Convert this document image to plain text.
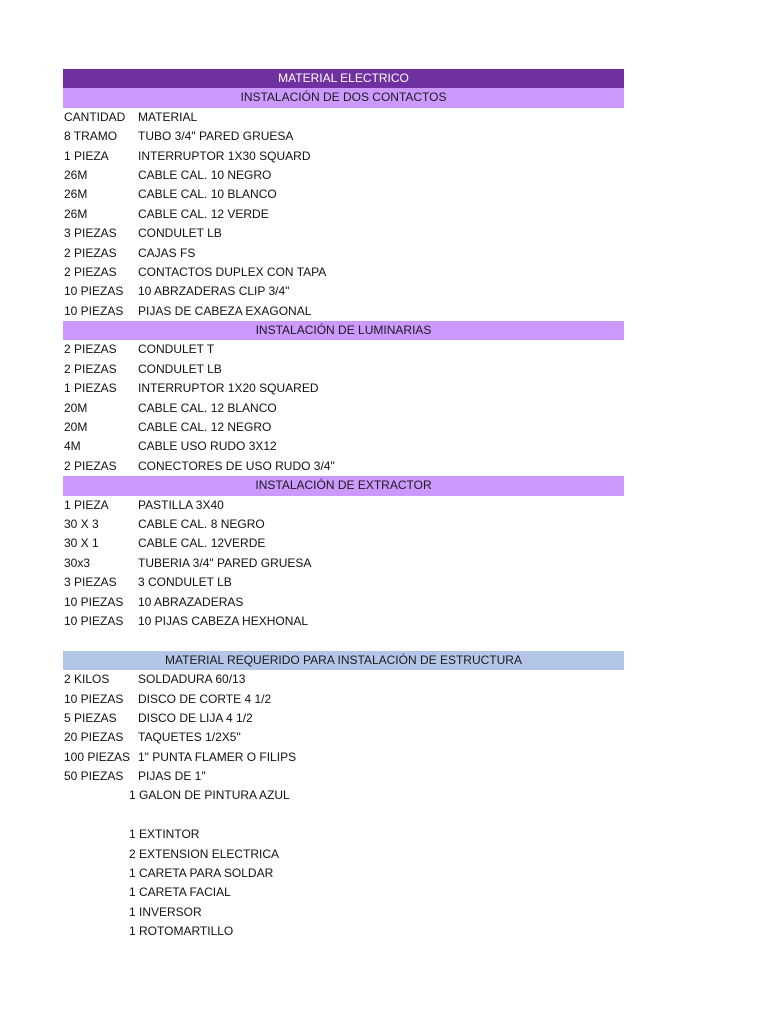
MATERIAL ELECTRICO
INSTALACIÓN DE DOS CONTACTOS
CANTIDAD MATERIAL
8 TRAMO TUBO 3/4" PARED GRUESA
1 PIEZA INTERRUPTOR 1X30 SQUARD
26M	CABLE CAL. 10 NEGRO
26M	CABLE CAL. 10 BLANCO
26M	CABLE CAL. 12 VERDE
3 PIEZAS CONDULET LB
2 PIEZAS CAJAS FS
2 PIEZAS CONTACTOS DUPLEX CON TAPA
10 PIEZAS 10 ABRZADERAS CLIP 3/4"
10 PIEZAS PIJAS DE CABEZA EXAGONAL
INSTALACIÓN DE LUMINARIAS
2 PIEZAS CONDULET T
2 PIEZAS CONDULET LB
1 PIEZAS INTERRUPTOR 1X20 SQUARED
20M	CABLE CAL. 12 BLANCO
20M	CABLE CAL. 12 NEGRO
4M	CABLE USO RUDO 3X12
2 PIEZAS CONECTORES DE USO RUDO 3/4"
INSTALACIÓN DE EXTRACTOR
1 PIEZA PASTILLA 3X40
30 X 3	CABLE CAL. 8 NEGRO
30 X 1	CABLE CAL. 12VERDE
30x3	TUBERIA 3/4" PARED GRUESA
3 PIEZAS 3 CONDULET LB
10 PIEZAS 10 ABRAZADERAS
10 PIEZAS 10 PIJAS CABEZA HEXHONAL
MATERIAL REQUERIDO PARA INSTALACIÓN DE ESTRUCTURA
2 KILOS SOLDADURA 60/13
10 PIEZAS DISCO DE CORTE 4 1/2
5 PIEZAS DISCO DE LIJA 4 1/2
20 PIEZAS TAQUETES 1/2X5"
100 PIEZAS 1" PUNTA FLAMER O FILIPS
50 PIEZAS PIJAS DE 1"
1 GALON DE PINTURA AZUL
1 EXTINTOR
2 EXTENSION ELECTRICA
1 CARETA PARA SOLDAR
1 CARETA FACIAL
1 INVERSOR
1 ROTOMARTILLO
